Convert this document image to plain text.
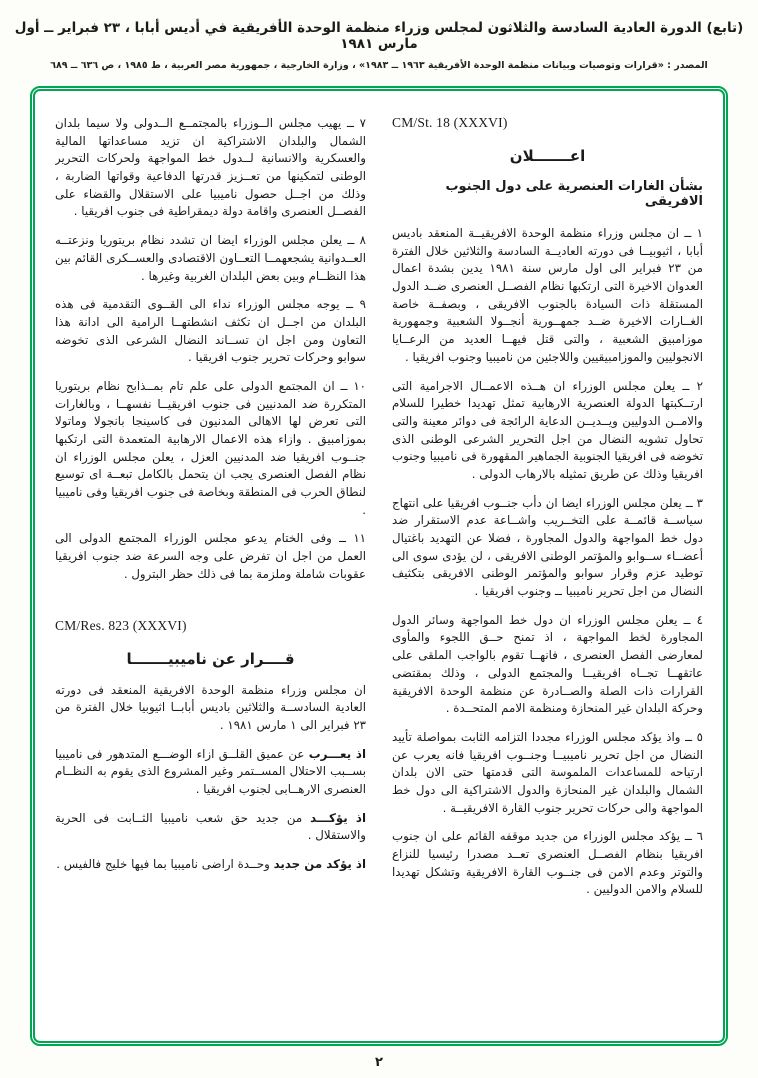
(تابع) الدورة العادية السادسة والثلاثون لمجلس وزراء منظمة الوحدة الأفريقية في أديس أبابا ، ٢٣ فبراير ــ أول مارس ١٩٨١
المصدر : «قرارات وتوصيات وبيانات منظمة الوحدة الأفريقية ١٩٦٣ ــ ١٩٨٣» ، وزارة الخارجية ، جمهورية مصر العربية ، ط ١٩٨٥ ، ص ٦٣٦ ــ ٦٨٩
CM/St. 18 (XXXVI)
اعـــــــلان
بشأن الغارات العنصرية على دول الجنوب الافريقى

١ ــ ان مجلس وزراء منظمة الوحدة الافريقيــة المنعقد باديس أبابا ، اثيوبيــا فى دورته العاديــة السادسة والثلاثين خلال الفترة من ٢٣ فبراير الى اول مارس سنة ١٩٨١ يدين بشدة اعمال العدوان الاخيرة التى ارتكبها نظام الفصــل العنصرى ضــد الدول المستقلة ذات السيادة بالجنوب الافريقى ، وبصفــة خاصة الغــارات الاخيرة ضــد جمهــورية أنجــولا الشعبية وجمهورية موزامبيق الشعبية ، والتى قتل فيهــا العديد من الرعــايا الانجوليين والموزامبيقيين واللاجئين من ناميبيا وجنوب افريقيا .

٢ ــ يعلن مجلس الوزراء ان هــذه الاعمــال الاجرامية التى ارتــكبتها الدولة العنصرية الارهابية تمثل تهديدا خطيرا للسلام والامــن الدوليين ويــديــن الدعاية الرائجة فى دوائر معينة والتى تحاول تشويه النضال من اجل التحرير الشرعى الوطنى الذى تخوضه فى افريقيا الجنوبية الجماهير المقهورة فى ناميبيا وجنوب افريقيا وذلك عن طريق تمثيله بالارهاب الدولى .

٣ ــ يعلن مجلس الوزراء ايضا ان دأب جنــوب افريقيا على انتهاج سياســة قائمــة على التخــريب واشــاعة عدم الاستقرار ضد دول خط المواجهة والدول المجاورة ، فضلا عن التهديد باغتيال أعضــاء ســوابو والمؤتمر الوطنى الافريقى ، لن يؤدى سوى الى توطيد عزم وقرار سوابو والمؤتمر الوطنى الافريقى بتكثيف النضال من اجل تحرير ناميبيا ــ وجنوب افريقيا .

٤ ــ يعلن مجلس الوزراء ان دول خط المواجهة وسائر الدول المجاورة لخط المواجهة ، اذ تمنح حــق اللجوء والمأوى لمعارضى الفصل العنصرى ، فانهــا تقوم بالواجب الملقى على عاتقهــا تجــاه افريقيــا والمجتمع الدولى ، وذلك بمقتضى القرارات ذات الصلة والصــادرة عن منظمة الوحدة الافريقية وحركة البلدان غير المنحازة ومنظمة الامم المتحــدة .

٥ ــ واذ يؤكد مجلس الوزراء مجددا التزامه الثابت بمواصلة تأييد النضال من اجل تحرير ناميبيــا وجنــوب افريقيا فانه يعرب عن ارتياحه للمساعدات الملموسة التى قدمتها حتى الان بلدان الشمال والبلدان غير المنحازة والدول الاشتراكية الى دول خط المواجهة والى حركات تحرير جنوب القارة الافريقيــة .

٦ ــ يؤكد مجلس الوزراء من جديد موقفه القائم على ان جنوب افريقيا بنظام الفصــل العنصرى تعــد مصدرا رئيسيا للنزاع والتوتر وعدم الامن فى جنــوب القارة الافريقية وتشكل تهديدا للسلام والامن الدوليين .

٧ ــ يهيب مجلس الــوزراء بالمجتمــع الــدولى ولا سيما بلدان الشمال والبلدان الاشتراكية ان تزيد مساعداتها المالية والعسكرية والانسانية لــدول خط المواجهة ولحركات التحرير الوطنى لتمكينها من تعــزيز قدرتها الدفاعية وقواتها الضاربة ، وذلك من اجــل حصول ناميبيا على الاستقلال والقضاء على الفصــل العنصرى واقامة دولة ديمقراطية فى جنوب افريقيا .

٨ ــ يعلن مجلس الوزراء ايضا ان تشدد نظام بريتوريا ونزعتــه العــدوانية يشجعهمــا التعــاون الاقتصادى والعســكرى القائم بين هذا النظــام وبين بعض البلدان الغربية وغيرها .

٩ ــ يوجه مجلس الوزراء نداء الى القــوى التقدمية فى هذه البلدان من اجــل ان تكثف انشطتهــا الرامية الى ادانة هذا التعاون ومن اجل ان تســاند النضال الشرعى الذى تخوضه سوابو وحركات تحرير جنوب افريقيا .

١٠ ــ ان المجتمع الدولى على علم تام بمــذابح نظام بريتوريا المتكررة ضد المدنيين فى جنوب افريقيــا نفسهــا ، وبالغارات التى تعرض لها الاهالى المدنيون فى كاسينجا بانجولا وماتولا بموزامبيق . وازاء هذه الاعمال الارهابية المتعمدة التى ارتكبها جنــوب افريقيا ضد المدنيين العزل ، يعلن مجلس الوزراء ان نظام الفصل العنصرى يجب ان يتحمل بالكامل تبعــة اى توسيع لنطاق الحرب فى المنطقة وبخاصة فى جنوب افريقيا وفى ناميبيا .

١١ ــ وفى الختام يدعو مجلس الوزراء المجتمع الدولى الى العمل من اجل ان تفرض على وجه السرعة ضد جنوب افريقيا عقوبات شاملة وملزمة بما فى ذلك حظر البترول .

CM/Res. 823 (XXXVI)
قــــرار عن ناميبيـــــــا

ان مجلس وزراء منظمة الوحدة الافريقية المنعقد فى دورته العادية السادســة والثلاثين باديس أبابــا اثيوبيا خلال الفترة من ٢٣ فبراير الى ١ مارس ١٩٨١ .

اذ يعـــرب عن عميق القلــق ازاء الوضـــع المتدهور فى ناميبيا بســبب الاحتلال المســتمر وغير المشروع الذى يقوم به النظــام العنصرى الارهــابى لجنوب افريقيا .

اذ يؤكـــد من جديد حق شعب ناميبيا الثــابت فى الحرية والاستقلال .

اذ يؤكد من جديد وحــدة اراضى ناميبيا بما فيها خليج فالفيس .

٢
